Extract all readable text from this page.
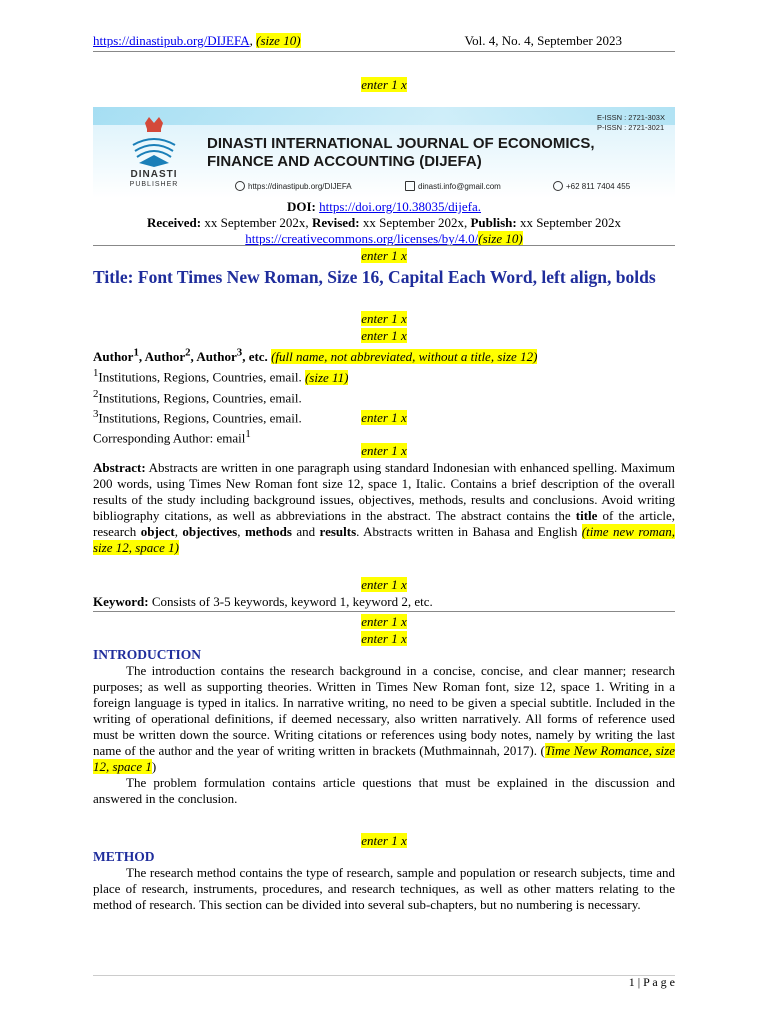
https://dinastipub.org/DIJEFA, (size 10)	Vol. 4, No. 4, September 2023
enter 1 x
DINASTI
PUBLISHER
E-ISSN : 2721-303X
P-ISSN : 2721-3021
DINASTI INTERNATIONAL JOURNAL OF ECONOMICS,
FINANCE AND ACCOUNTING (DIJEFA)
https://dinastipub.org/DIJEFA	dinasti.info@gmail.com	+62 811 7404 455
DOI: https://doi.org/10.38035/dijefa.
Received: xx September 202x, Revised: xx September 202x, Publish: xx September 202x
https://creativecommons.org/licenses/by/4.0/(size 10)
enter 1 x
Title: Font Times New Roman, Size 16, Capital Each Word, left align, bolds
enter 1 x
enter 1 x
Author$^1$, Author$^2$, Author$^3$, etc. (full name, not abbreviated, without a title, size 12)
$^1$Institutions, Regions, Countries, email. (size 11)
$^2$Institutions, Regions, Countries, email.
$^3$Institutions, Regions, Countries, email.	enter 1 x
Corresponding Author: email$^1$
enter 1 x
Abstract: Abstracts are written in one paragraph using standard Indonesian with enhanced spelling. Maximum 200 words, using Times New Roman font size 12, space 1, Italic. Contains a brief description of the overall results of the study including background issues, objectives, methods, results and conclusions. Avoid writing bibliography citations, as well as abbreviations in the abstract. The abstract contains the title of the article, research object, objectives, methods and results. Abstracts written in Bahasa and English (time new roman, size 12, space 1)
enter 1 x
Keyword: Consists of 3-5 keywords, keyword 1, keyword 2, etc.
enter 1 x
enter 1 x
INTRODUCTION
The introduction contains the research background in a concise, concise, and clear manner; research purposes; as well as supporting theories. Written in Times New Roman font, size 12, space 1. Writing in a foreign language is typed in italics. In narrative writing, no need to be given a special subtitle. Included in the writing of operational definitions, if deemed necessary, also written narratively. All forms of reference used must be written down the source. Writing citations or references using body notes, namely by writing the last name of the author and the year of writing written in brackets (Muthmainnah, 2017). (Time New Romance, size 12, space 1)
The problem formulation contains article questions that must be explained in the discussion and answered in the conclusion.
enter 1 x
METHOD
The research method contains the type of research, sample and population or research subjects, time and place of research, instruments, procedures, and research techniques, as well as other matters relating to the method of research. This section can be divided into several sub-chapters, but no numbering is necessary.
1 | P a g e
